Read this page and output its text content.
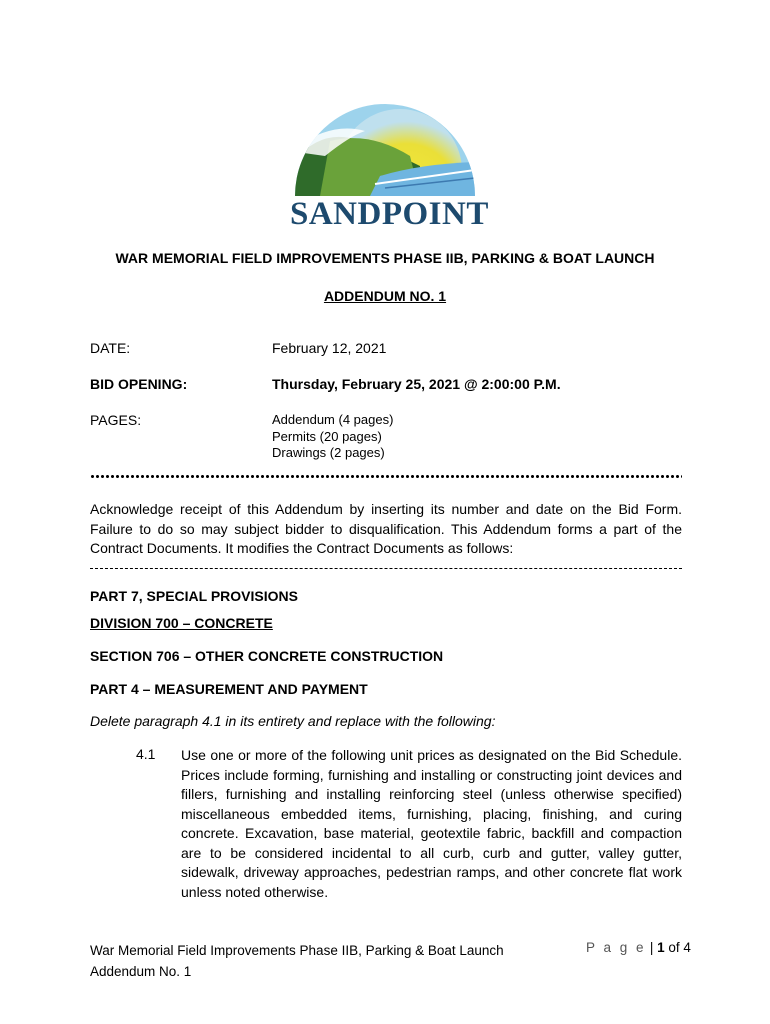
SANDPOINT
WAR MEMORIAL FIELD IMPROVEMENTS PHASE IIB, PARKING & BOAT LAUNCH
ADDENDUM NO. 1
DATE:	February 12, 2021
BID OPENING:	Thursday, February 25, 2021 @ 2:00:00 P.M.
PAGES:	Addendum (4 pages)
Permits (20 pages)
Drawings (2 pages)
Acknowledge receipt of this Addendum by inserting its number and date on the Bid Form. Failure to do so may subject bidder to disqualification. This Addendum forms a part of the Contract Documents. It modifies the Contract Documents as follows:
PART 7, SPECIAL PROVISIONS
DIVISION 700 – CONCRETE
SECTION 706 – OTHER CONCRETE CONSTRUCTION
PART 4 – MEASUREMENT AND PAYMENT
Delete paragraph 4.1 in its entirety and replace with the following:
4.1 Use one or more of the following unit prices as designated on the Bid Schedule. Prices include forming, furnishing and installing or constructing joint devices and fillers, furnishing and installing reinforcing steel (unless otherwise specified) miscellaneous embedded items, furnishing, placing, finishing, and curing concrete. Excavation, base material, geotextile fabric, backfill and compaction are to be considered incidental to all curb, curb and gutter, valley gutter, sidewalk, driveway approaches, pedestrian ramps, and other concrete flat work unless noted otherwise.
War Memorial Field Improvements Phase IIB, Parking & Boat Launch
Addendum No. 1
P a g e | 1 of 4
